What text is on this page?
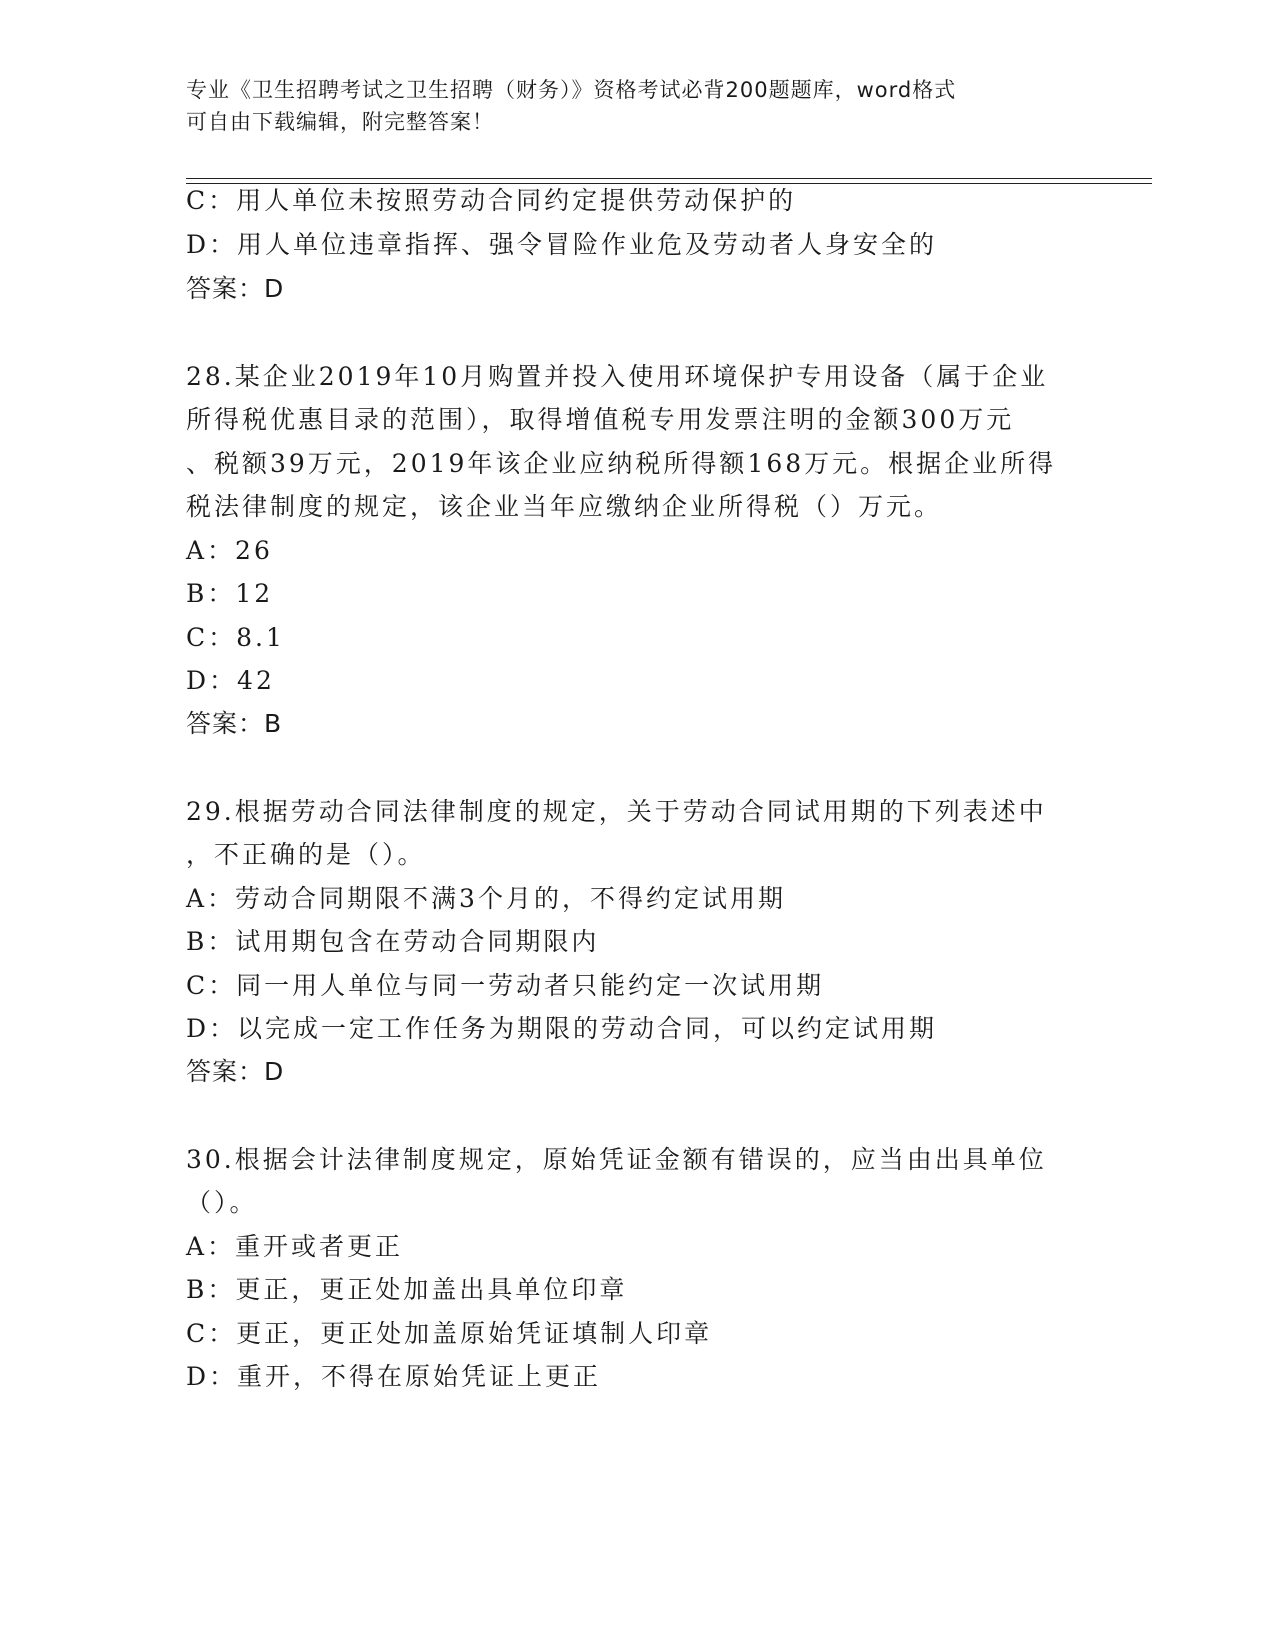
专业《卫生招聘考试之卫生招聘（财务）》资格考试必背200题题库，word格式
可自由下载编辑，附完整答案！
C：用人单位未按照劳动合同约定提供劳动保护的
D：用人单位违章指挥、强令冒险作业危及劳动者人身安全的
答案：D
28.某企业2019年10月购置并投入使用环境保护专用设备（属于企业
所得税优惠目录的范围），取得增值税专用发票注明的金额300万元
、税额39万元，2019年该企业应纳税所得额168万元。根据企业所得
税法律制度的规定，该企业当年应缴纳企业所得税（）万元。
A：26
B：12
C：8.1
D：42
答案：B
29.根据劳动合同法律制度的规定，关于劳动合同试用期的下列表述中
，不正确的是（）。
A：劳动合同期限不满3个月的，不得约定试用期
B：试用期包含在劳动合同期限内
C：同一用人单位与同一劳动者只能约定一次试用期
D：以完成一定工作任务为期限的劳动合同，可以约定试用期
答案：D
30.根据会计法律制度规定，原始凭证金额有错误的，应当由出具单位
（）。
A：重开或者更正
B：更正，更正处加盖出具单位印章
C：更正，更正处加盖原始凭证填制人印章
D：重开，不得在原始凭证上更正
